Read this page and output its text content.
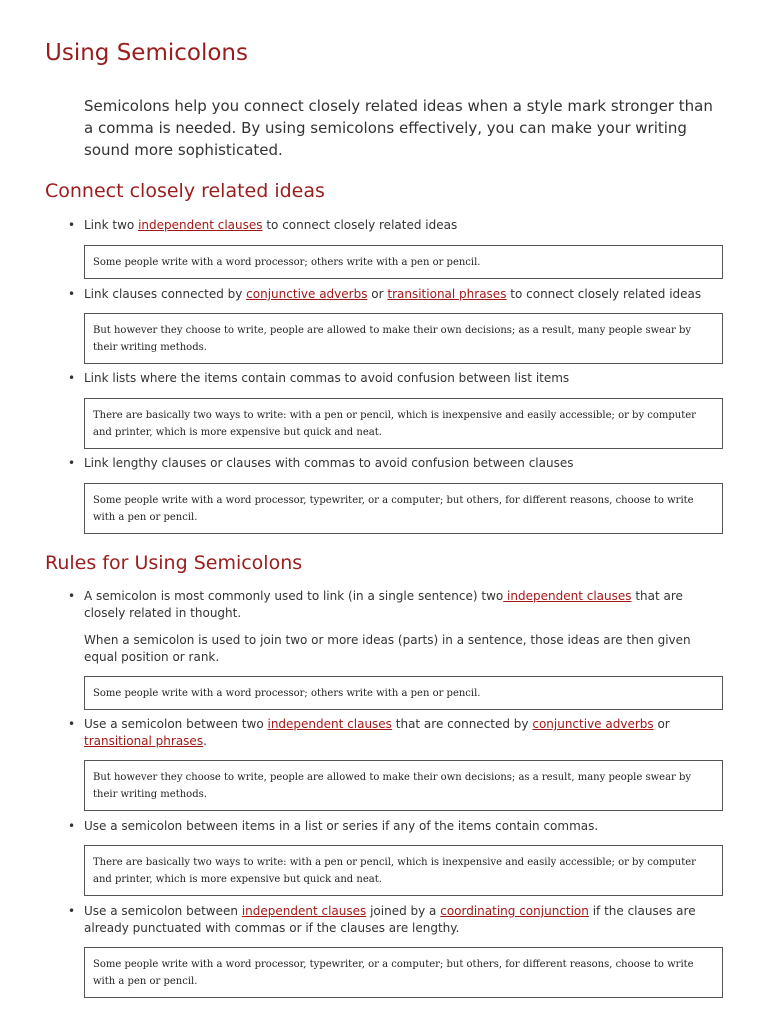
Using Semicolons

Semicolons help you connect closely related ideas when a style mark stronger than a comma is needed. By using semicolons effectively, you can make your writing sound more sophisticated.

Connect closely related ideas

• Link two independent clauses to connect closely related ideas

Some people write with a word processor; others write with a pen or pencil.

• Link clauses connected by conjunctive adverbs or transitional phrases to connect closely related ideas

But however they choose to write, people are allowed to make their own decisions; as a result, many people swear by their writing methods.

• Link lists where the items contain commas to avoid confusion between list items

There are basically two ways to write: with a pen or pencil, which is inexpensive and easily accessible; or by computer and printer, which is more expensive but quick and neat.

• Link lengthy clauses or clauses with commas to avoid confusion between clauses

Some people write with a word processor, typewriter, or a computer; but others, for different reasons, choose to write with a pen or pencil.
Rules for Using Semicolons

• A semicolon is most commonly used to link (in a single sentence) two independent clauses that are closely related in thought.

When a semicolon is used to join two or more ideas (parts) in a sentence, those ideas are then given equal position or rank.

Some people write with a word processor; others write with a pen or pencil.

• Use a semicolon between two independent clauses that are connected by conjunctive adverbs or transitional phrases.

But however they choose to write, people are allowed to make their own decisions; as a result, many people swear by their writing methods.

• Use a semicolon between items in a list or series if any of the items contain commas.

There are basically two ways to write: with a pen or pencil, which is inexpensive and easily accessible; or by computer and printer, which is more expensive but quick and neat.

• Use a semicolon between independent clauses joined by a coordinating conjunction if the clauses are already punctuated with commas or if the clauses are lengthy.

Some people write with a word processor, typewriter, or a computer; but others, for different reasons, choose to write with a pen or pencil.
